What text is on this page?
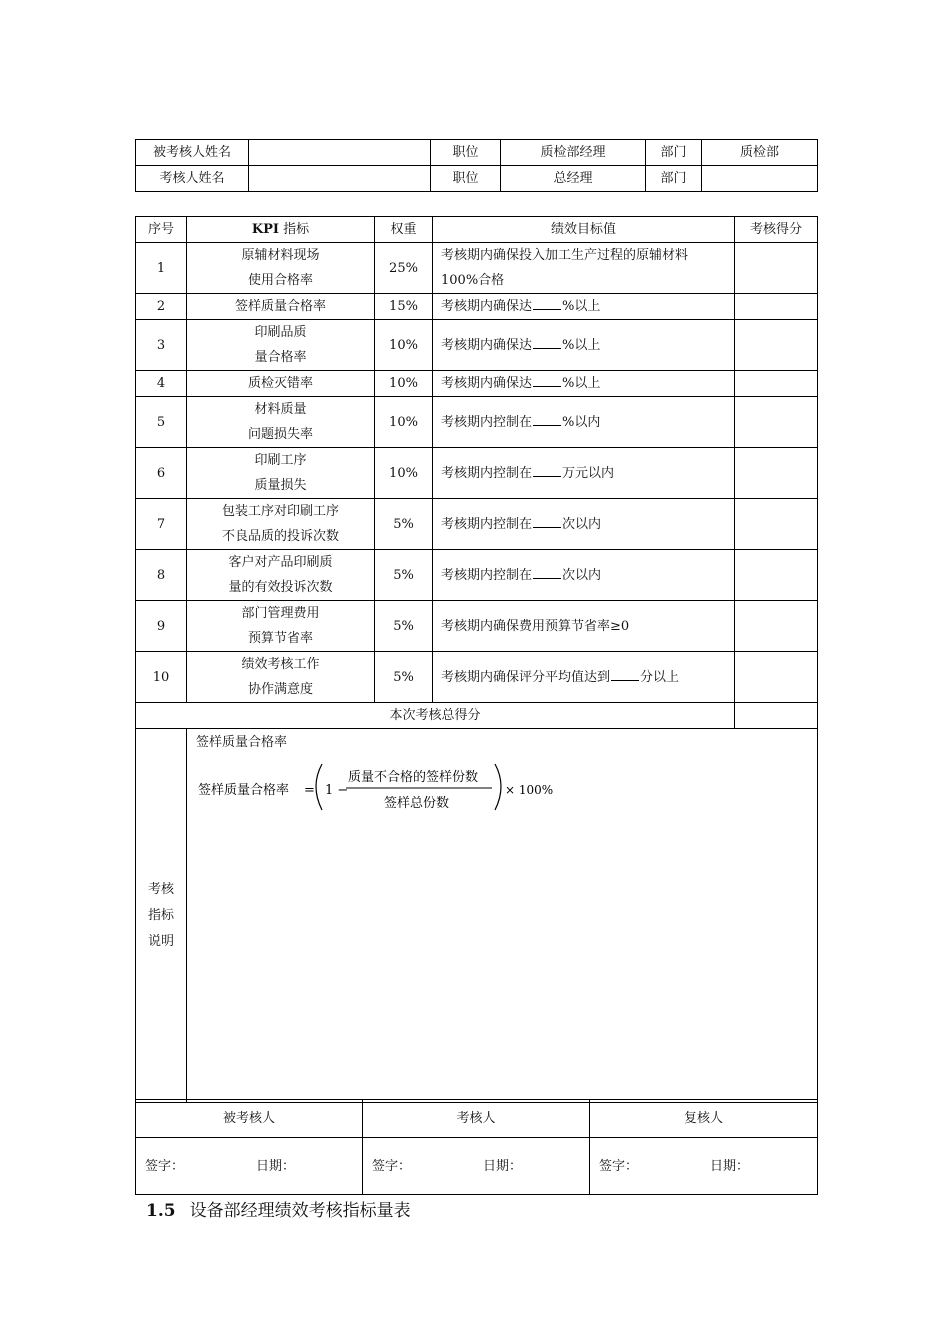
被考核人姓名		职位	质检部经理	部门	质检部
考核人姓名		职位	总经理	部门	
序号	KPI 指标	权重	绩效目标值	考核得分
1	原辅材料现场
使用合格率	25%	考核期内确保投入加工生产过程的原辅材料
100%合格	
2	签样质量合格率	15%	考核期内确保达 %以上	
3	印刷品质
量合格率	10%	考核期内确保达 %以上	
4	质检灭错率	10%	考核期内确保达 %以上	
5	材料质量
问题损失率	10%	考核期内控制在 %以内	
6	印刷工序
质量损失	10%	考核期内控制在 万元以内	
7	包装工序对印刷工序
不良品质的投诉次数	5%	考核期内控制在 次以内	
8	客户对产品印刷质
量的有效投诉次数	5%	考核期内控制在 次以内	
9	部门管理费用
预算节省率	5%	考核期内确保费用预算节省率≥0	
10	绩效考核工作
协作满意度	5%	考核期内确保评分平均值达到 分以上	
本次考核总得分				

考核
指标
说明				

签样质量合格率
签样质量合格率 = 1 −
质量不合格的签样份数
签样总份数
× 100%
被考核人	考核人	复核人
签字： 日期：	签字： 日期：	签字： 日期：
1.5 设备部经理绩效考核指标量表
